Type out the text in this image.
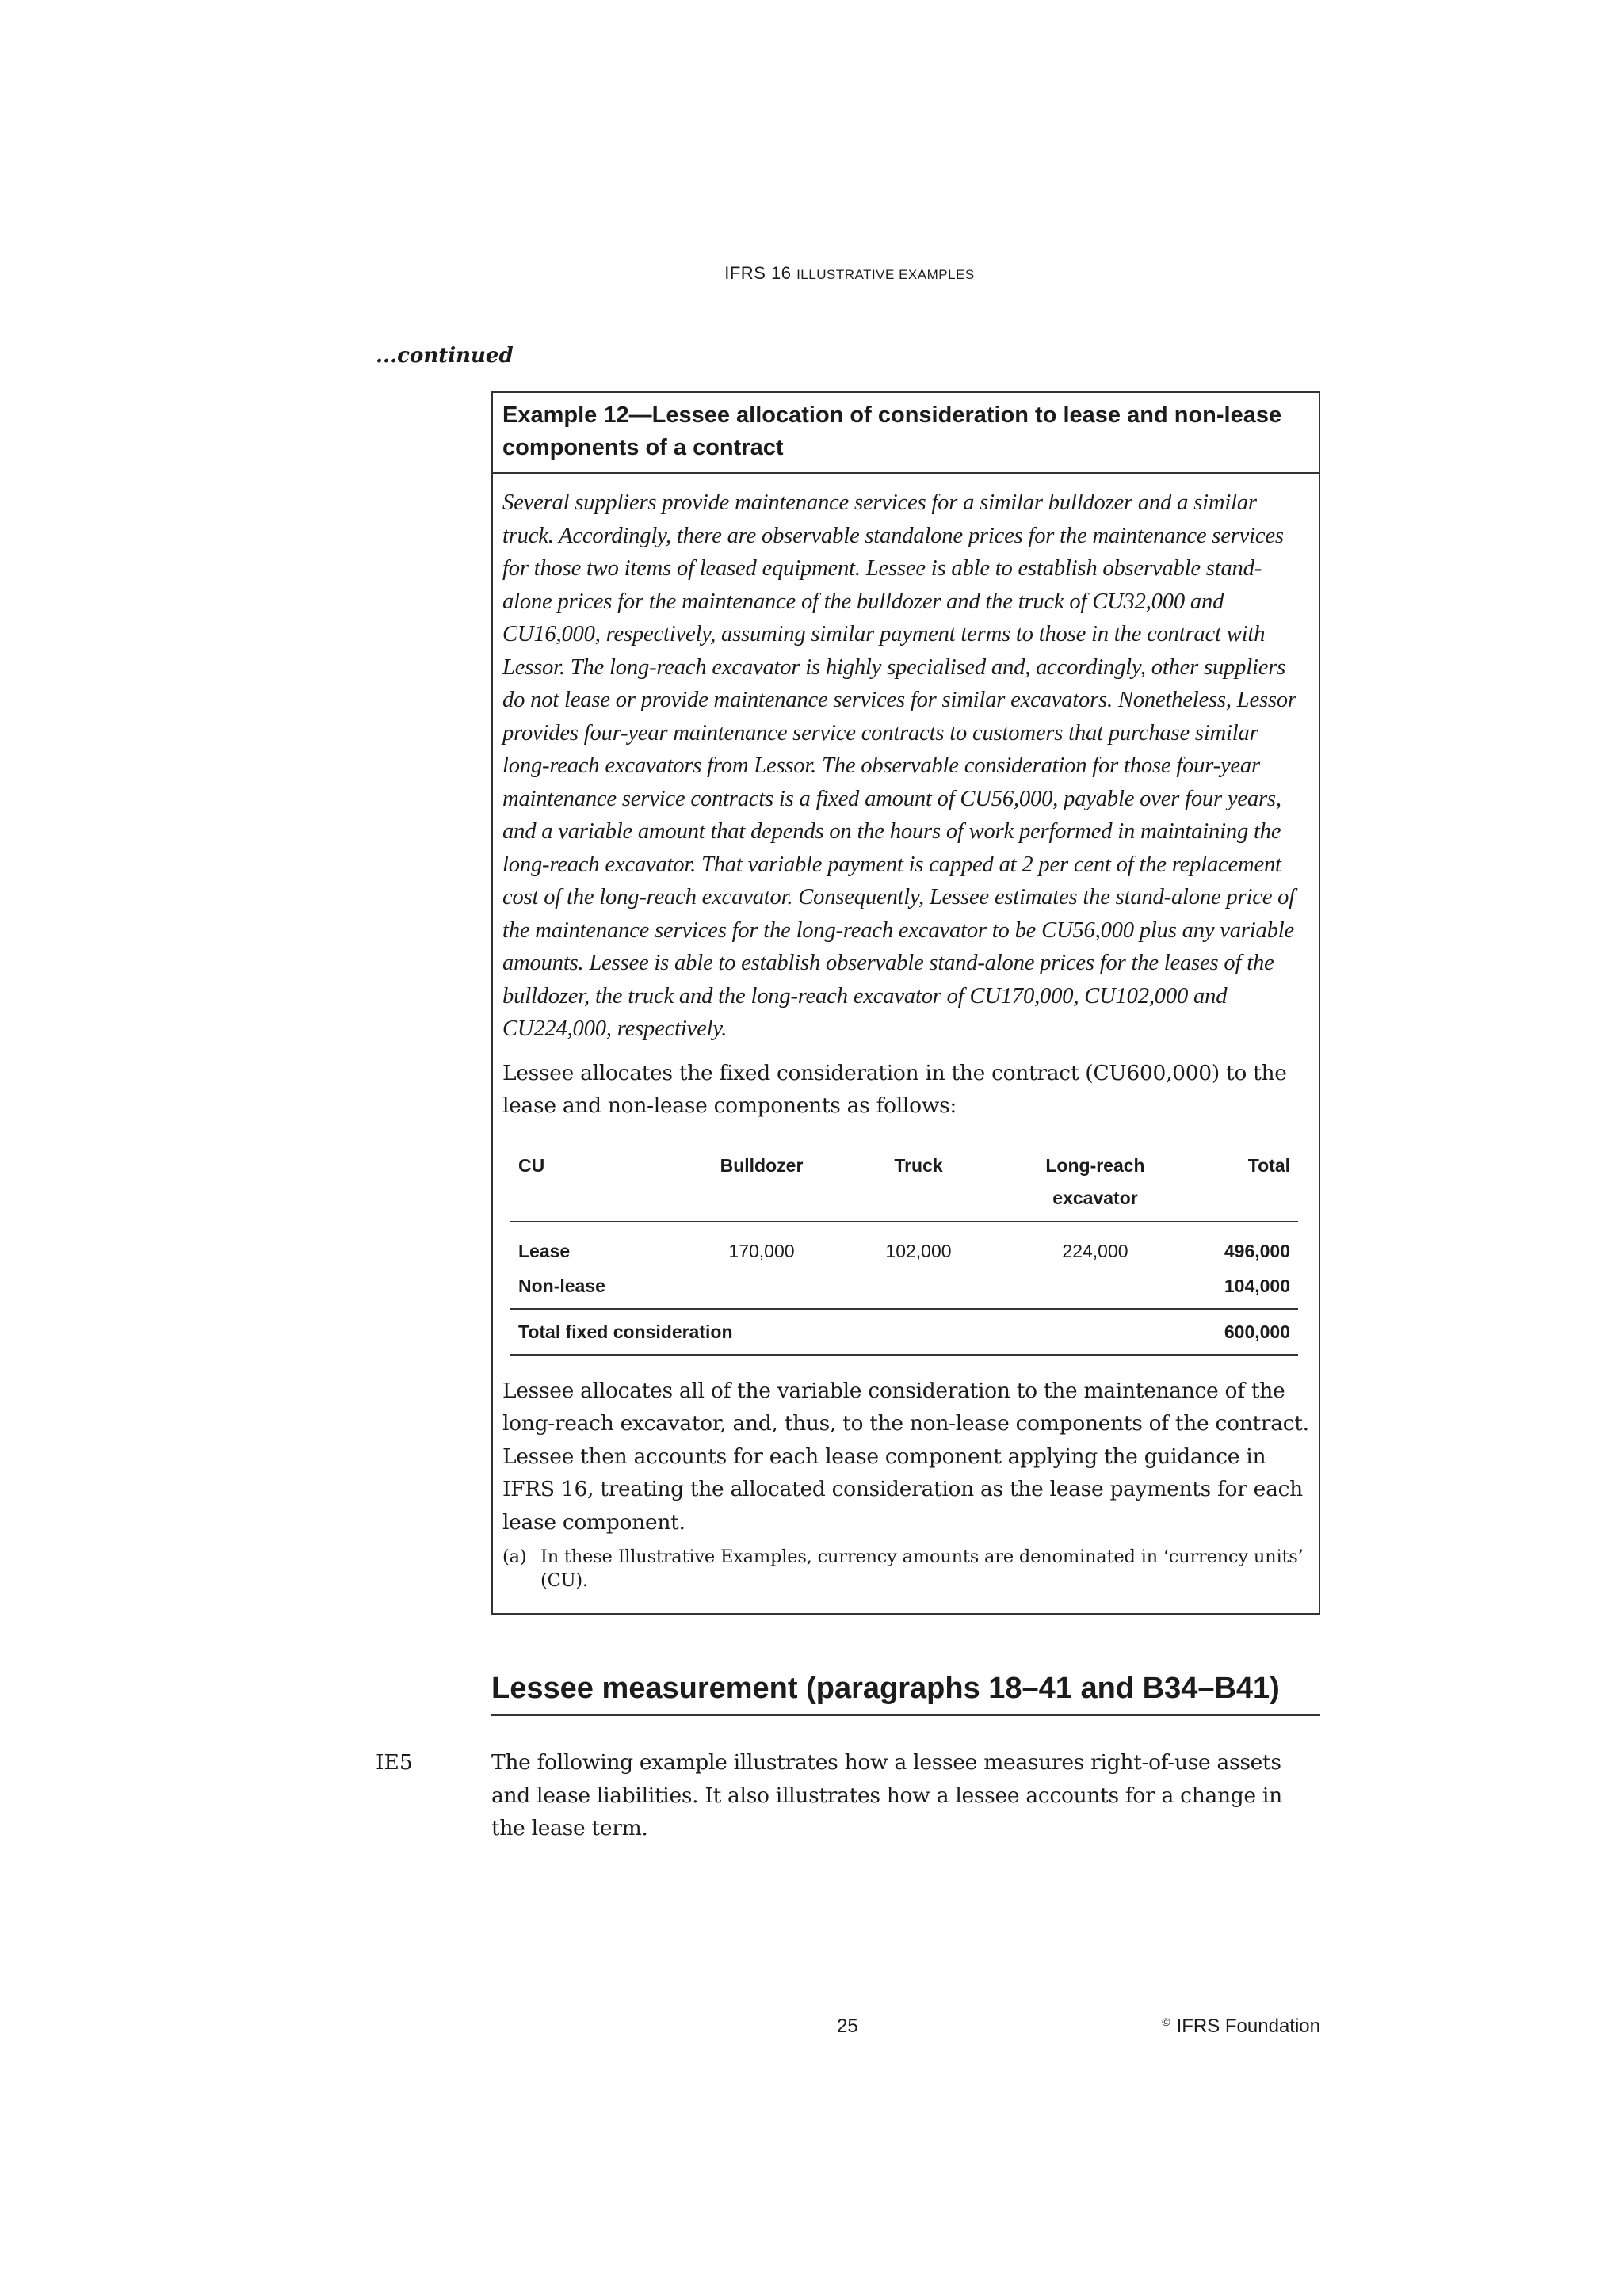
IFRS 16 ILLUSTRATIVE EXAMPLES
...continued
Example 12—Lessee allocation of consideration to lease and non-lease components of a contract

Several suppliers provide maintenance services for a similar bulldozer and a similar truck. Accordingly, there are observable standalone prices for the maintenance services for those two items of leased equipment. Lessee is able to establish observable stand-alone prices for the maintenance of the bulldozer and the truck of CU32,000 and CU16,000, respectively, assuming similar payment terms to those in the contract with Lessor. The long-reach excavator is highly specialised and, accordingly, other suppliers do not lease or provide maintenance services for similar excavators. Nonetheless, Lessor provides four-year maintenance service contracts to customers that purchase similar long-reach excavators from Lessor. The observable consideration for those four-year maintenance service contracts is a fixed amount of CU56,000, payable over four years, and a variable amount that depends on the hours of work performed in maintaining the long-reach excavator. That variable payment is capped at 2 per cent of the replacement cost of the long-reach excavator. Consequently, Lessee estimates the stand-alone price of the maintenance services for the long-reach excavator to be CU56,000 plus any variable amounts. Lessee is able to establish observable stand-alone prices for the leases of the bulldozer, the truck and the long-reach excavator of CU170,000, CU102,000 and CU224,000, respectively.

Lessee allocates the fixed consideration in the contract (CU600,000) to the lease and non-lease components as follows:

CU	Bulldozer	Truck	Long-reach excavator	Total
Lease	170,000	102,000	224,000	496,000
Non-lease				104,000
Total fixed consideration				600,000

Lessee allocates all of the variable consideration to the maintenance of the long-reach excavator, and, thus, to the non-lease components of the contract. Lessee then accounts for each lease component applying the guidance in IFRS 16, treating the allocated consideration as the lease payments for each lease component.

(a) In these Illustrative Examples, currency amounts are denominated in ‘currency units’ (CU).
Lessee measurement (paragraphs 18–41 and B34–B41)
IE5	The following example illustrates how a lessee measures right-of-use assets and lease liabilities. It also illustrates how a lessee accounts for a change in the lease term.

25	© IFRS Foundation
